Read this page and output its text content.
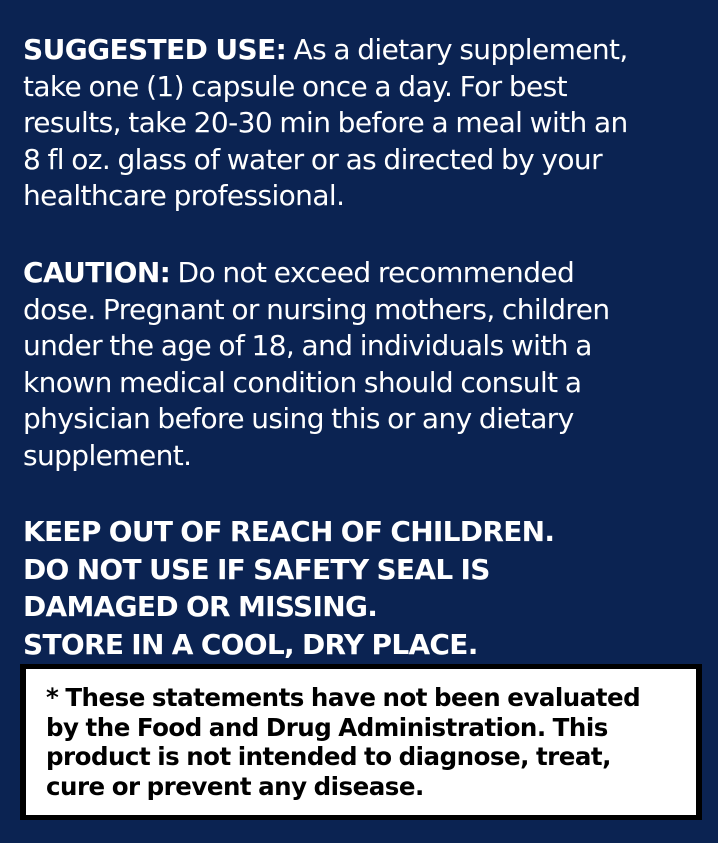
SUGGESTED USE: As a dietary supplement,
take one (1) capsule once a day. For best
results, take 20-30 min before a meal with an
8 fl oz. glass of water or as directed by your
healthcare professional.

CAUTION: Do not exceed recommended
dose. Pregnant or nursing mothers, children
under the age of 18, and individuals with a
known medical condition should consult a
physician before using this or any dietary
supplement.

KEEP OUT OF REACH OF CHILDREN.
DO NOT USE IF SAFETY SEAL IS
DAMAGED OR MISSING.
STORE IN A COOL, DRY PLACE.
* These statements have not been evaluated
by the Food and Drug Administration. This
product is not intended to diagnose, treat,
cure or prevent any disease.
